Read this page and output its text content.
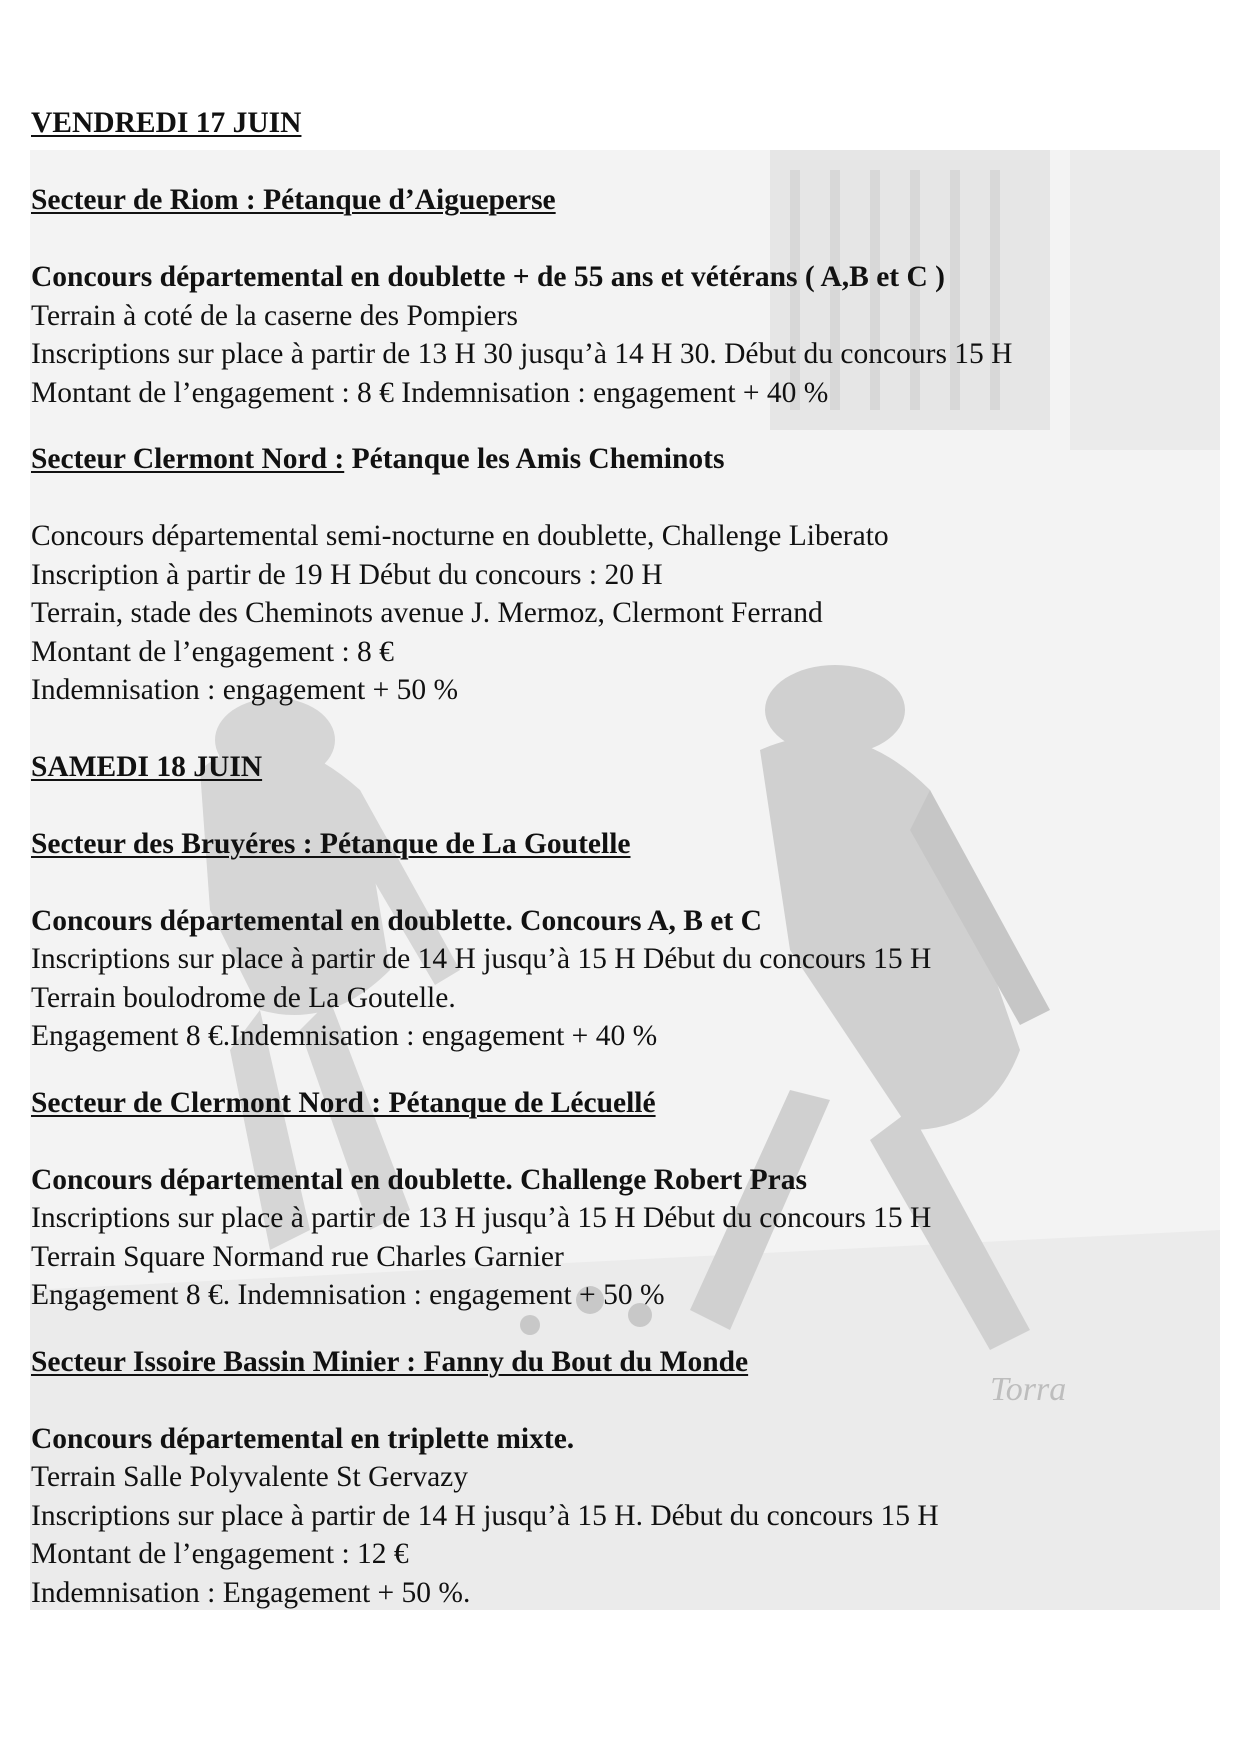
Torra
VENDREDI 17 JUIN
Secteur de Riom : Pétanque d’Aigueperse
Concours départemental en doublette + de 55 ans et vétérans ( A,B et C )
Terrain à coté de la caserne des Pompiers
Inscriptions sur place à partir de 13 H 30 jusqu’à 14 H 30. Début du concours 15 H
Montant de l’engagement : 8 € Indemnisation : engagement + 40 %
Secteur Clermont Nord : Pétanque les Amis Cheminots
Concours départemental semi-nocturne en doublette, Challenge Liberato
Inscription à partir de 19 H Début du concours : 20 H
Terrain, stade des Cheminots avenue J. Mermoz, Clermont Ferrand
Montant de l’engagement : 8 €
Indemnisation : engagement + 50 %
SAMEDI 18 JUIN
Secteur des Bruyéres : Pétanque de La Goutelle
Concours départemental en doublette. Concours A, B et C
Inscriptions sur place à partir de 14 H jusqu’à 15 H Début du concours 15 H
Terrain boulodrome de La Goutelle.
Engagement 8 €.Indemnisation : engagement + 40 %
Secteur de Clermont Nord : Pétanque de Lécuellé
Concours départemental en doublette. Challenge Robert Pras
Inscriptions sur place à partir de 13 H jusqu’à 15 H Début du concours 15 H
Terrain Square Normand rue Charles Garnier
Engagement 8 €. Indemnisation : engagement + 50 %
Secteur Issoire Bassin Minier : Fanny du Bout du Monde
Concours départemental en triplette mixte.
Terrain Salle Polyvalente St Gervazy
Inscriptions sur place à partir de 14 H jusqu’à 15 H. Début du concours 15 H
Montant de l’engagement : 12 €
Indemnisation : Engagement + 50 %.
